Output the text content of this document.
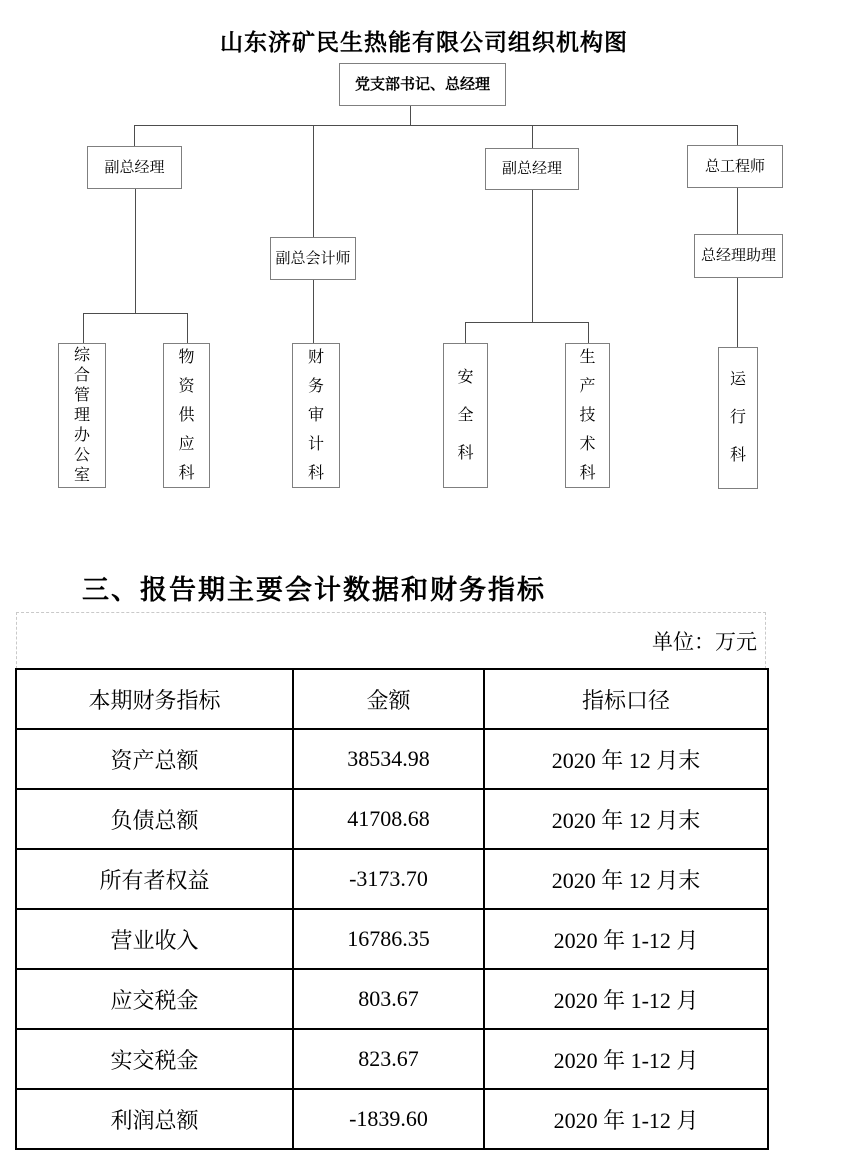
山东济矿民生热能有限公司组织机构图
党支部书记、总经理
副总经理	副总经理	总工程师
副总会计师	总经理助理
综合管理办公室
物资供应科
财务审计科
安全科
生产技术科
运行科
三、报告期主要会计数据和财务指标
单位：万元
本期财务指标	金额	指标口径
资产总额	38534.98	2020 年 12 月末
负债总额	41708.68	2020 年 12 月末
所有者权益	-3173.70	2020 年 12 月末
营业收入	16786.35	2020 年 1-12 月
应交税金	803.67	2020 年 1-12 月
实交税金	823.67	2020 年 1-12 月
利润总额	-1839.60	2020 年 1-12 月
